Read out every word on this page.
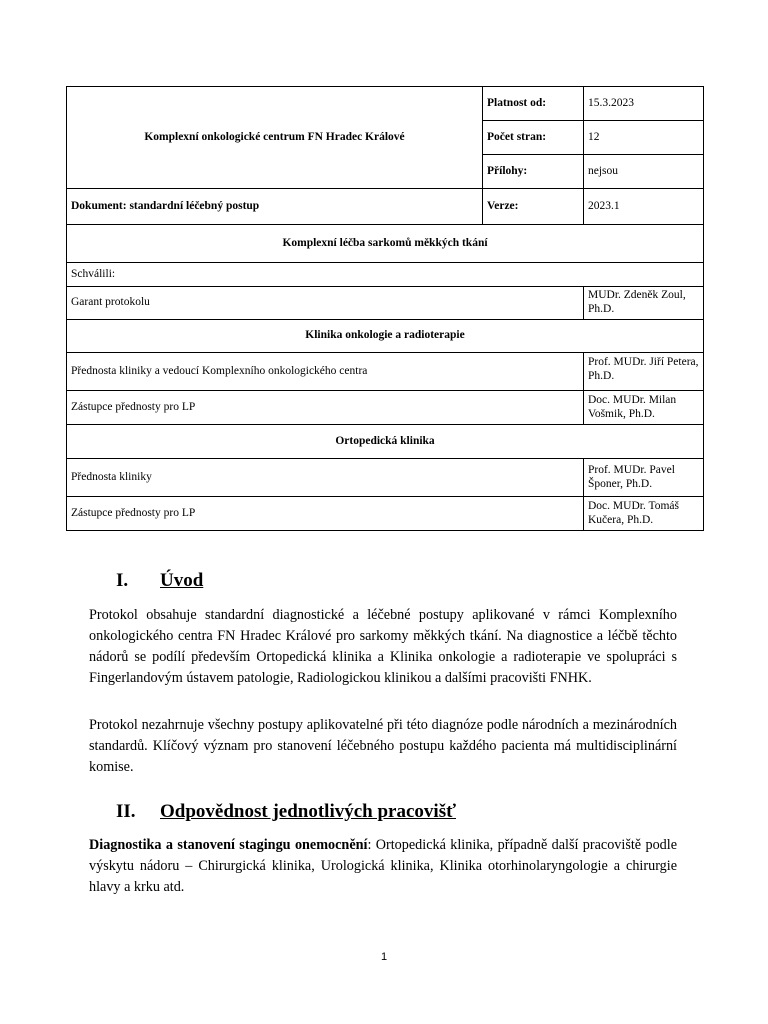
Komplexní onkologické centrum FN Hradec Králové	Platnost od:	15.3.2023
	Počet stran:	12
	Přílohy:	nejsou
Dokument: standardní léčebný postup	Verze:	2023.1
Komplexní léčba sarkomů měkkých tkání		
Schválili:		
Garant protokolu		MUDr. Zdeněk Zoul, Ph.D.
Klinika onkologie a radioterapie		
Přednosta kliniky a vedoucí Komplexního onkologického centra		Prof. MUDr. Jiří Petera, Ph.D.
Zástupce přednosty pro LP		Doc. MUDr. Milan Vošmik, Ph.D.
Ortopedická klinika		
Přednosta kliniky		Prof. MUDr. Pavel Šponer, Ph.D.
Zástupce přednosty pro LP		Doc. MUDr. Tomáš Kučera, Ph.D.
I. Úvod

Protokol obsahuje standardní diagnostické a léčebné postupy aplikované v rámci Komplexního onkologického centra FN Hradec Králové pro sarkomy měkkých tkání. Na diagnostice a léčbě těchto nádorů se podílí především Ortopedická klinika a Klinika onkologie a radioterapie ve spolupráci s Fingerlandovým ústavem patologie, Radiologickou klinikou a dalšími pracovišti FNHK.

Protokol nezahrnuje všechny postupy aplikovatelné při této diagnóze podle národních a mezinárodních standardů. Klíčový význam pro stanovení léčebného postupu každého pacienta má multidisciplinární komise.

II. Odpovědnost jednotlivých pracovišť

Diagnostika a stanovení stagingu onemocnění: Ortopedická klinika, případně další pracoviště podle výskytu nádoru – Chirurgická klinika, Urologická klinika, Klinika otorhinolaryngologie a chirurgie hlavy a krku atd.

1
